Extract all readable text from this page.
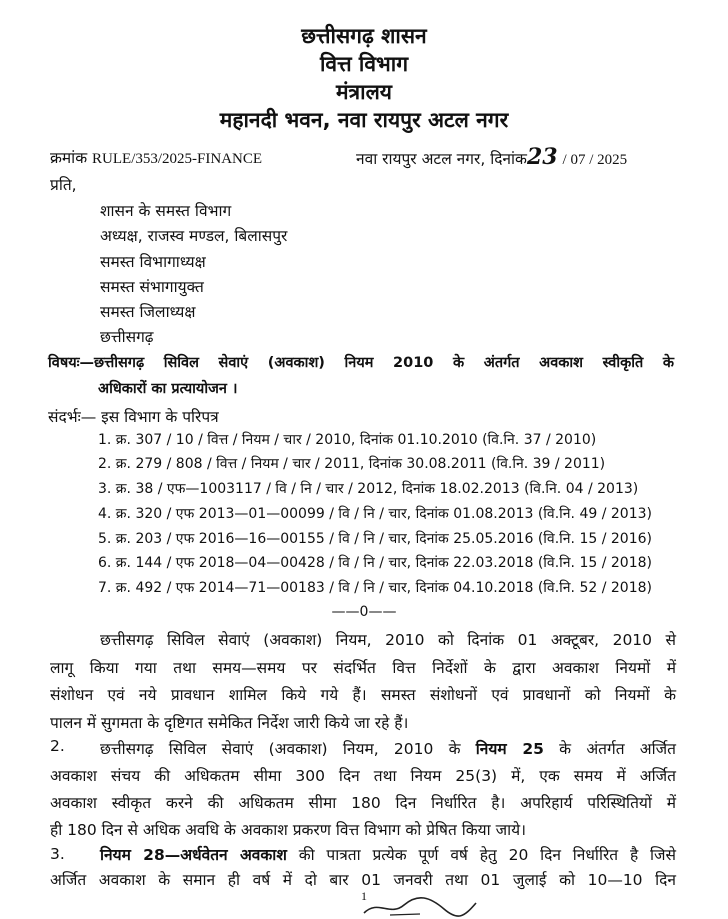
छत्तीसगढ़ शासन
वित्त विभाग
मंत्रालय
महानदी भवन, नवा रायपुर अटल नगर
क्रमांक RULE/353/2025-FINANCE	नवा रायपुर अटल नगर, दिनांक23 / 07 / 2025
प्रति,
शासन के समस्त विभाग
अध्यक्ष, राजस्व मण्डल, बिलासपुर
समस्त विभागाध्यक्ष
समस्त संभागायुक्त
समस्त जिलाध्यक्ष
छत्तीसगढ़
विषयः—छत्तीसगढ़ सिविल सेवाएं (अवकाश) नियम 2010 के अंतर्गत अवकाश स्वीकृति के
अधिकारों का प्रत्यायोजन ।
संदर्भः— इस विभाग के परिपत्र
1. क्र. 307 / 10 / वित्त / नियम / चार / 2010, दिनांक 01.10.2010 (वि.नि. 37 / 2010)
2. क्र. 279 / 808 / वित्त / नियम / चार / 2011, दिनांक 30.08.2011 (वि.नि. 39 / 2011)
3. क्र. 38 / एफ—1003117 / वि / नि / चार / 2012, दिनांक 18.02.2013 (वि.नि. 04 / 2013)
4. क्र. 320 / एफ 2013—01—00099 / वि / नि / चार, दिनांक 01.08.2013 (वि.नि. 49 / 2013)
5. क्र. 203 / एफ 2016—16—00155 / वि / नि / चार, दिनांक 25.05.2016 (वि.नि. 15 / 2016)
6. क्र. 144 / एफ 2018—04—00428 / वि / नि / चार, दिनांक 22.03.2018 (वि.नि. 15 / 2018)
7. क्र. 492 / एफ 2014—71—00183 / वि / नि / चार, दिनांक 04.10.2018 (वि.नि. 52 / 2018)
——0——
छत्तीसगढ़ सिविल सेवाएं (अवकाश) नियम, 2010 को दिनांक 01 अक्टूबर, 2010 से
लागू किया गया तथा समय—समय पर संदर्भित वित्त निर्देशों के द्वारा अवकाश नियमों में
संशोधन एवं नये प्रावधान शामिल किये गये हैं। समस्त संशोधनों एवं प्रावधानों को नियमों के
पालन में सुगमता के दृष्टिगत समेकित निर्देश जारी किये जा रहे हैं।
2. छत्तीसगढ़ सिविल सेवाएं (अवकाश) नियम, 2010 के नियम 25 के अंतर्गत अर्जित
अवकाश संचय की अधिकतम सीमा 300 दिन तथा नियम 25(3) में, एक समय में अर्जित
अवकाश स्वीकृत करने की अधिकतम सीमा 180 दिन निर्धारित है। अपरिहार्य परिस्थितियों में
ही 180 दिन से अधिक अवधि के अवकाश प्रकरण वित्त विभाग को प्रेषित किया जाये।
3. नियम 28—अर्धवेतन अवकाश की पात्रता प्रत्येक पूर्ण वर्ष हेतु 20 दिन निर्धारित है जिसे
अर्जित अवकाश के समान ही वर्ष में दो बार 01 जनवरी तथा 01 जुलाई को 10—10 दिन
1
